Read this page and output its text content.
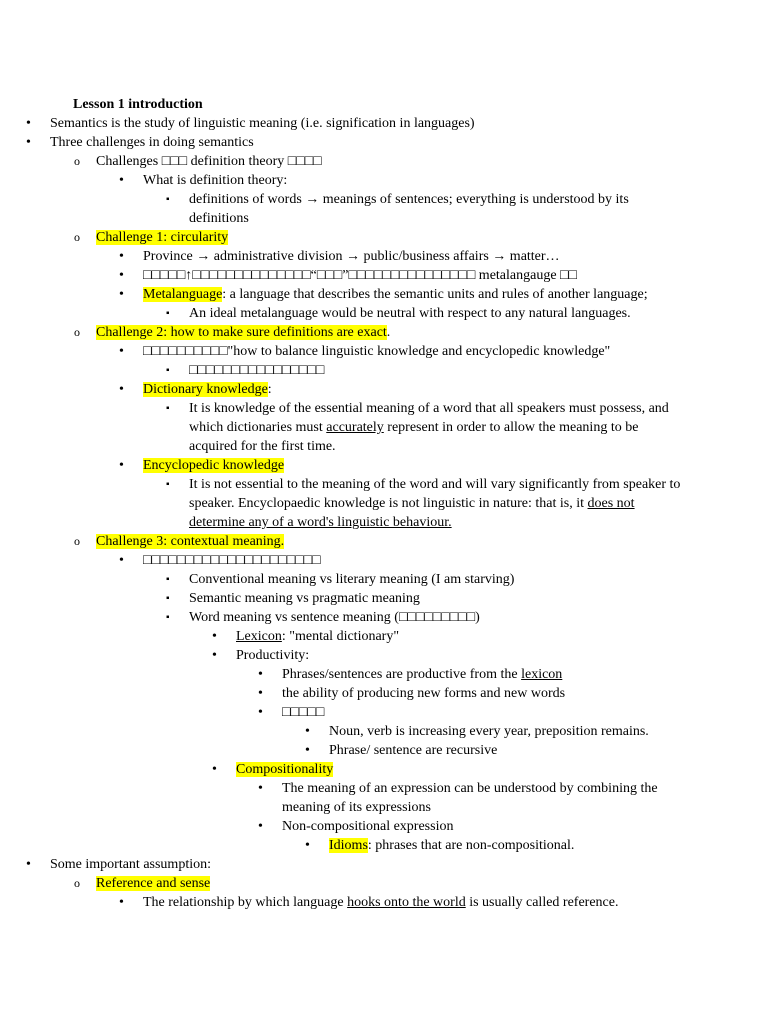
Lesson 1 introduction
• Semantics is the study of linguistic meaning (i.e. signification in languages)
• Three challenges in doing semantics
o Challenges □□□ definition theory □□□□
• What is definition theory:
▪ definitions of words → meanings of sentences; everything is understood by its
definitions
o Challenge 1: circularity
• Province → administrative division → public/business affairs → matter…
• □□□□□↑□□□□□□□□□□□□□□“□□□”□□□□□□□□□□□□□□□ metalangauge □□
• Metalanguage: a language that describes the semantic units and rules of another language;
▪ An ideal metalanguage would be neutral with respect to any natural languages.
o Challenge 2: how to make sure definitions are exact.
• □□□□□□□□□□"how to balance linguistic knowledge and encyclopedic knowledge"
▪ □□□□□□□□□□□□□□□□
• Dictionary knowledge:
▪ It is knowledge of the essential meaning of a word that all speakers must possess, and
which dictionaries must accurately represent in order to allow the meaning to be
acquired for the first time.
• Encyclopedic knowledge
▪ It is not essential to the meaning of the word and will vary significantly from speaker to
speaker. Encyclopaedic knowledge is not linguistic in nature: that is, it does not
determine any of a word's linguistic behaviour.
o Challenge 3: contextual meaning.
• □□□□□□□□□□□□□□□□□□□□□
▪ Conventional meaning vs literary meaning (I am starving)
▪ Semantic meaning vs pragmatic meaning
▪ Word meaning vs sentence meaning (□□□□□□□□□)
• Lexicon: "mental dictionary"
• Productivity:
• Phrases/sentences are productive from the lexicon
• the ability of producing new forms and new words
• □□□□□
• Noun, verb is increasing every year, preposition remains.
• Phrase/ sentence are recursive
• Compositionality
• The meaning of an expression can be understood by combining the
meaning of its expressions
• Non-compositional expression
• Idioms: phrases that are non-compositional.
• Some important assumption:
o Reference and sense
• The relationship by which language hooks onto the world is usually called reference.
